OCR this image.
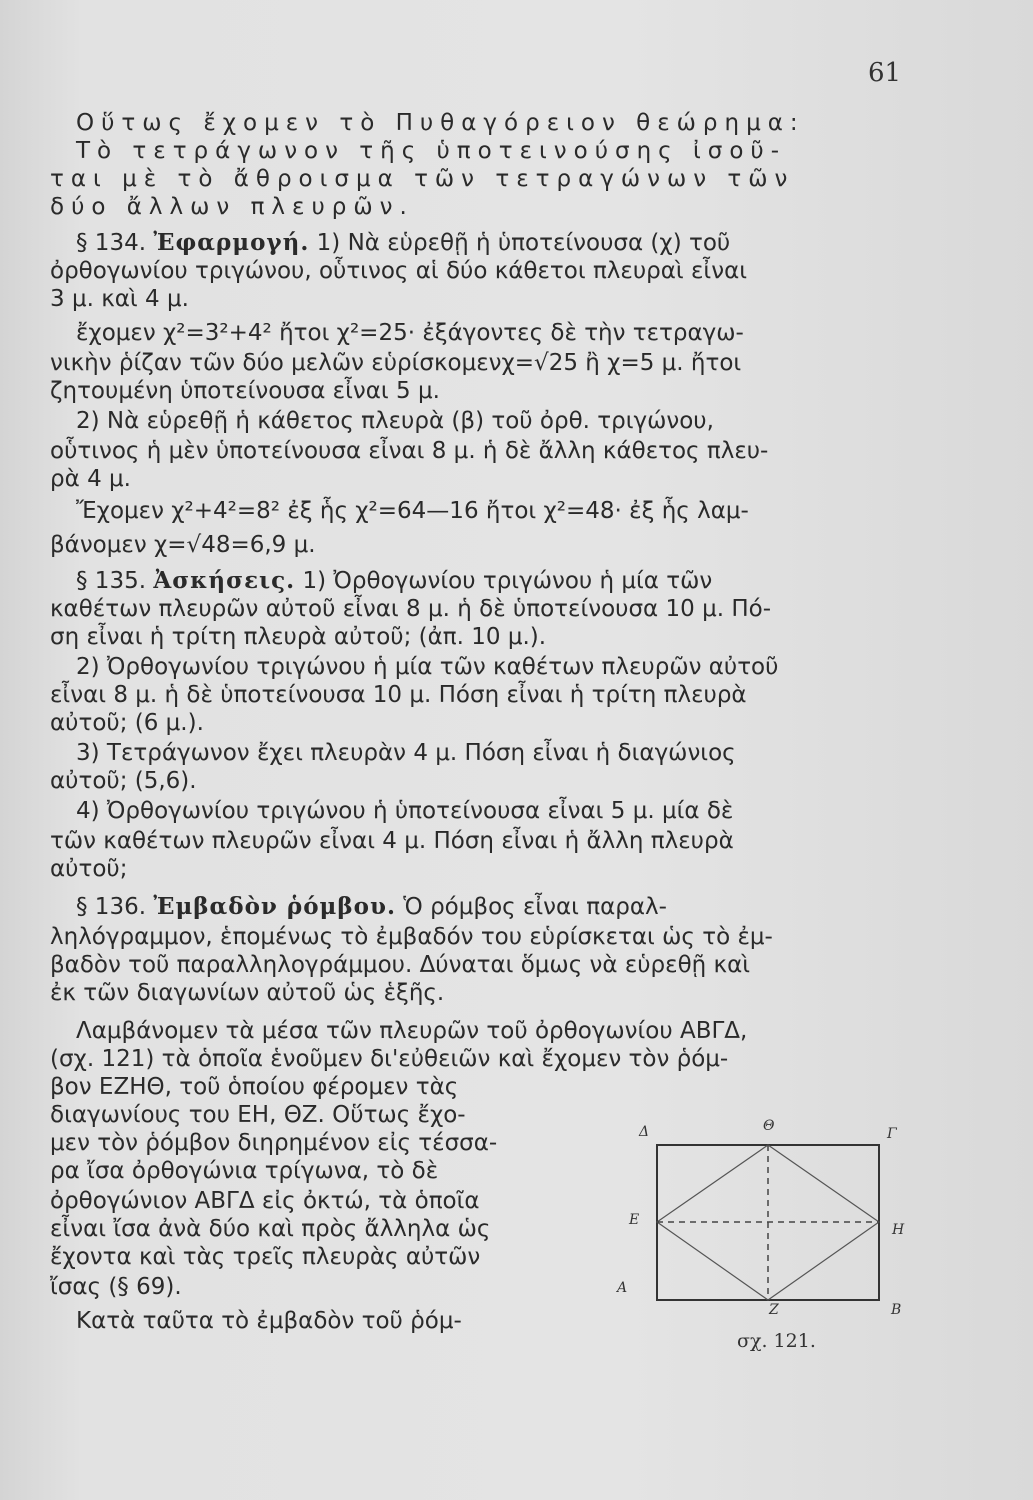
61
Οὕτως ἔχομεν τὸ Πυθαγόρειον θεώρημα:
Τὸ τετράγωνον τῆς ὑποτεινούσης ἰσοῦ-
ται μὲ τὸ ἄθροισμα τῶν τετραγώνων τῶν
δύο ἄλλων πλευρῶν.
§ 134. Ἐφαρμογή. 1) Νὰ εὑρεθῇ ἡ ὑποτείνουσα (χ) τοῦ
ὀρθογωνίου τριγώνου, οὗτινος αἱ δύο κάθετοι πλευραὶ εἶναι
3 μ. καὶ 4 μ.
ἔχομεν χ²=3²+4² ἤτοι χ²=25· ἐξάγοντες δὲ τὴν τετραγω-
νικὴν ῥίζαν τῶν δύο μελῶν εὑρίσκομενχ=√25 ἢ χ=5 μ. ἤτοι
ζητουμένη ὑποτείνουσα εἶναι 5 μ.
2) Νὰ εὑρεθῇ ἡ κάθετος πλευρὰ (β) τοῦ ὀρθ. τριγώνου,
οὗτινος ἡ μὲν ὑποτείνουσα εἶναι 8 μ. ἡ δὲ ἄλλη κάθετος πλευ-
ρὰ 4 μ.
Ἔχομεν χ²+4²=8² ἐξ ἧς χ²=64—16 ἤτοι χ²=48· ἐξ ἧς λαμ-
βάνομεν χ=√48=6,9 μ.
§ 135. Ἀσκήσεις. 1) Ὀρθογωνίου τριγώνου ἡ μία τῶν
καθέτων πλευρῶν αὐτοῦ εἶναι 8 μ. ἡ δὲ ὑποτείνουσα 10 μ. Πό-
ση εἶναι ἡ τρίτη πλευρὰ αὐτοῦ; (ἀπ. 10 μ.).
2) Ὀρθογωνίου τριγώνου ἡ μία τῶν καθέτων πλευρῶν αὐτοῦ
εἶναι 8 μ. ἡ δὲ ὑποτείνουσα 10 μ. Πόση εἶναι ἡ τρίτη πλευρὰ
αὐτοῦ; (6 μ.).
3) Τετράγωνον ἔχει πλευρὰν 4 μ. Πόση εἶναι ἡ διαγώνιος
αὐτοῦ; (5,6).
4) Ὀρθογωνίου τριγώνου ἡ ὑποτείνουσα εἶναι 5 μ. μία δὲ
τῶν καθέτων πλευρῶν εἶναι 4 μ. Πόση εἶναι ἡ ἄλλη πλευρὰ
αὐτοῦ;
§ 136. Ἐμβαδὸν ῥόμβου. Ὁ ρόμβος εἶναι παραλ-
ληλόγραμμον, ἑπομένως τὸ ἐμβαδόν του εὑρίσκεται ὡς τὸ ἐμ-
βαδὸν τοῦ παραλληλογράμμου. Δύναται ὅμως νὰ εὑρεθῇ καὶ
ἐκ τῶν διαγωνίων αὐτοῦ ὡς ἑξῆς.
Λαμβάνομεν τὰ μέσα τῶν πλευρῶν τοῦ ὀρθογωνίου ΑΒΓΔ,
(σχ. 121) τὰ ὁποῖα ἑνοῦμεν δι'εὐθειῶν καὶ ἔχομεν τὸν ῥόμ-
βον ΕΖΗΘ, τοῦ ὁποίου φέρομεν τὰς
διαγωνίους του ΕΗ, ΘΖ. Οὕτως ἔχο-
μεν τὸν ῥόμβον διηρημένον εἰς τέσσα-
ρα ἴσα ὀρθογώνια τρίγωνα, τὸ δὲ
ὀρθογώνιον ΑΒΓΔ εἰς ὀκτώ, τὰ ὁποῖα
εἶναι ἴσα ἀνὰ δύο καὶ πρὸς ἄλληλα ὡς
ἔχοντα καὶ τὰς τρεῖς πλευρὰς αὐτῶν
ἴσας (§ 69).
Κατὰ ταῦτα τὸ ἐμβαδὸν τοῦ ῥόμ-
Δ	Θ	Γ
Ε
Η
Α
Ζ	Β
σχ. 121.
